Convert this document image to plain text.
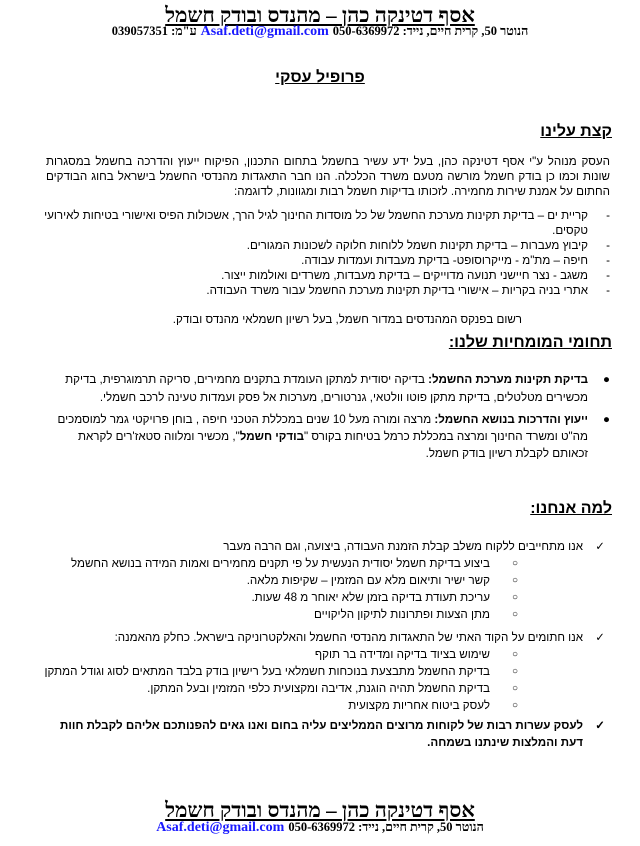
אסף דטינקה כהן – מהנדס ובודק חשמל
הנוטר 50, קרית חיים, נייד: 050-6369972Asaf.deti@gmail.comע"מ: 039057351
פרופיל עסקי
קצת עלינו
העסק מנוהל ע"י אסף דטינקה כהן, בעל ידע עשיר בחשמל בתחום התכנון, הפיקוח ייעוץ והדרכה בחשמל במסגרות שונות וכמו כן בודק חשמל מורשה מטעם משרד הכלכלה. הנו חבר התאגדות מהנדסי החשמל בישראל בחוג הבודקים החתום על אמנת שירות מחמירה. לזכותו בדיקות חשמל רבות ומגוונות, לדוגמה:
-
קריית ים – בדיקת תקינות מערכת החשמל של כל מוסדות החינוך לגיל הרך, אשכולות הפיס ואישורי בטיחות לאירועי טקסים.
-
קיבוץ מעברות – בדיקת תקינות חשמל ללוחות חלוקה לשכונות המגורים.
-
חיפה – מת"מ - מייקרוסופט- בדיקת מעבדות ועמדות עבודה.
-
משגב - נצר חיישני תנועה מדוייקים – בדיקת מעבדות, משרדים ואולמות ייצור.
-
אתרי בניה בקריות – אישורי בדיקת תקינות מערכת החשמל עבור משרד העבודה.
רשום בפנקס המהנדסים במדור חשמל, בעל רשיון חשמלאי מהנדס ובודק.
תחומי המומחיות שלנו:
●
בדיקת תקינות מערכת החשמל: בדיקה יסודית למתקן העומדת בתקנים מחמירים, סריקה תרמוגרפית, בדיקת מכשירים מטלטלים, בדיקת מתקן פוטו וולטאי, גנרטורים, מערכות אל פסק ועמדות טעינה לרכב חשמלי.
●
ייעוץ והדרכות בנושא החשמל: מרצה ומורה מעל 10 שנים במכללת הטכני חיפה , בוחן פרויקטי גמר למוסמכים מה"ט ומשרד החינוך ומרצה במכללת כרמל בטיחות בקורס "בודקי חשמל", מכשיר ומלווה סטאז'רים לקראת זכאותם לקבלת רשיון בודק חשמל.
למה אנחנו:
✓
אנו מתחייבים ללקוח משלב קבלת הזמנת העבודה, ביצועה, וגם הרבה מעבר
○
ביצוע בדיקת חשמל יסודית הנעשית על פי תקנים מחמירים ואמות המידה בנושא החשמל
○
קשר ישיר ותיאום מלא עם המזמין – שקיפות מלאה.
○
עריכת תעודת בדיקה בזמן שלא יאוחר מ 48 שעות.
○
מתן הצעות ופתרונות לתיקון הליקויים
✓
אנו חתומים על הקוד האתי של התאגדות מהנדסי החשמל והאלקטרוניקה בישראל. כחלק מהאמנה:
○
שימוש בציוד בדיקה ומדידה בר תוקף
○
בדיקת החשמל מתבצעת בנוכחות חשמלאי בעל רישיון בודק בלבד המתאים לסוג וגודל המתקן
○
בדיקת החשמל תהיה הוגנת, אדיבה ומקצועית כלפי המזמין ובעל המתקן.
○
לעסק ביטוח אחריות מקצועית
✓
לעסק עשרות רבות של לקוחות מרוצים הממליצים עליה בחום ואנו גאים להפנותכם אליהם לקבלת חוות דעת והמלצות שינתנו בשמחה.
אסף דטינקה כהן – מהנדס ובודק חשמל
הנוטר 50, קרית חיים, נייד: 050-6369972Asaf.deti@gmail.com
